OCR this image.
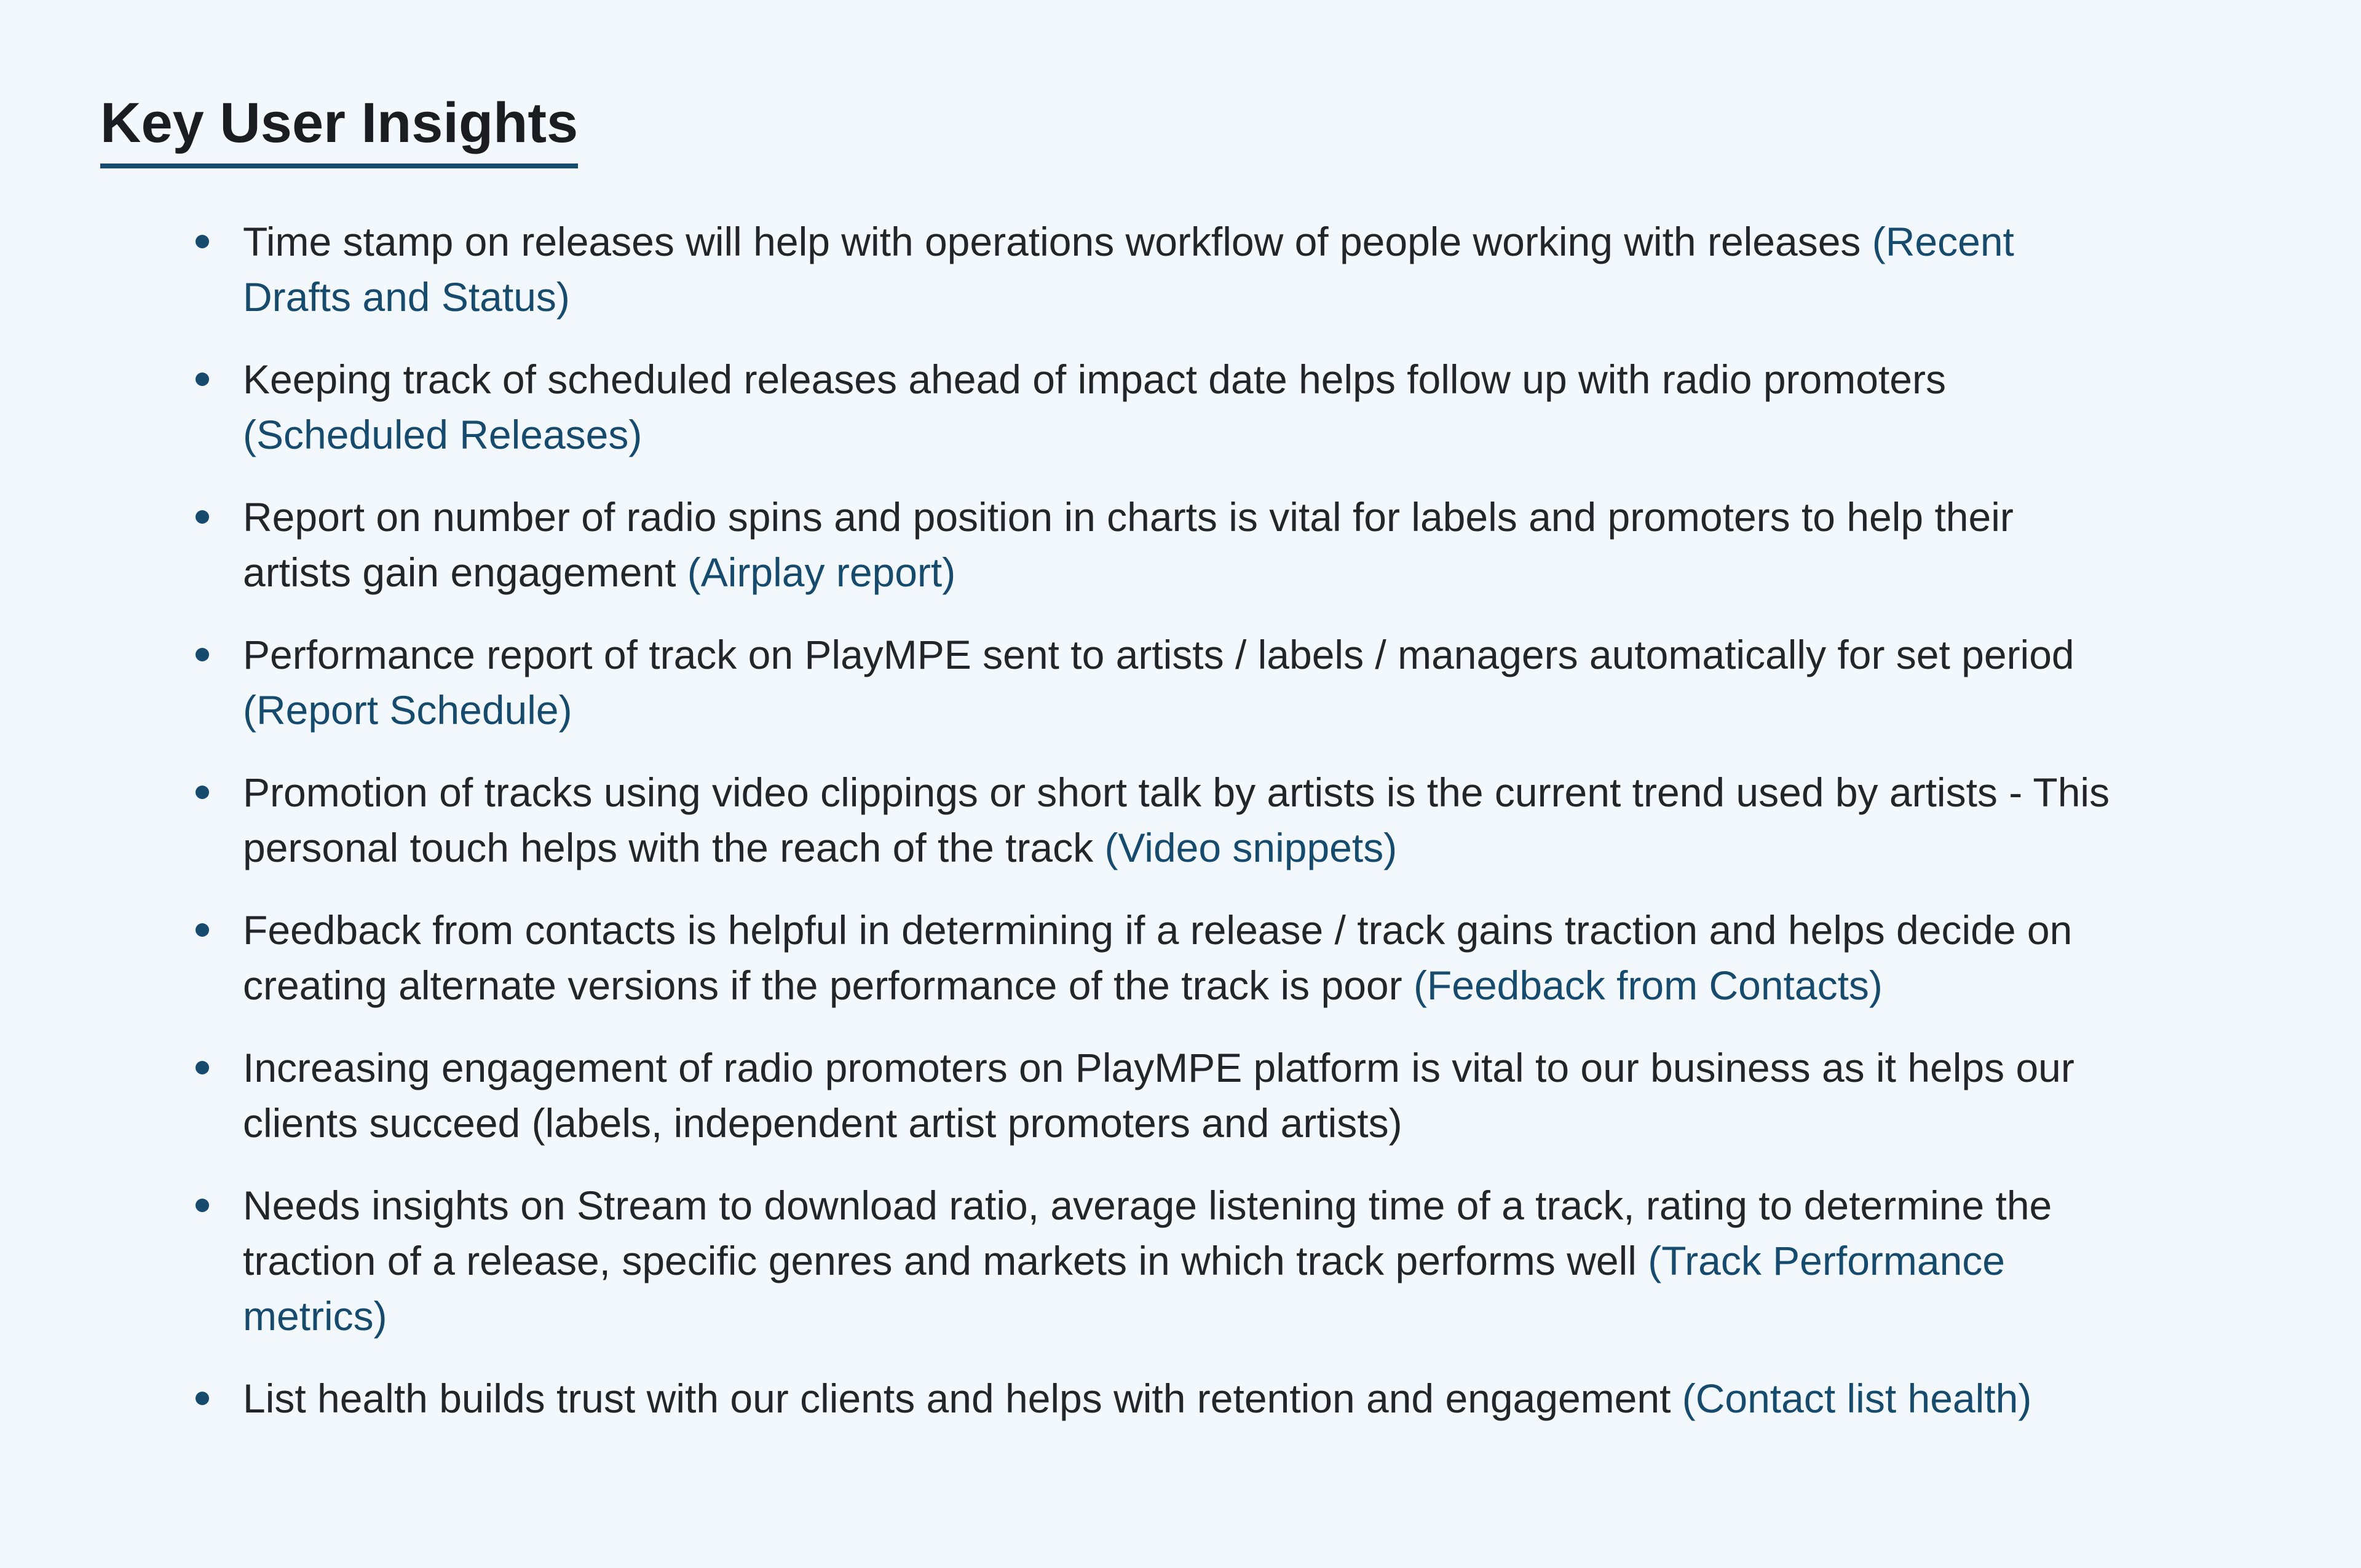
Key User Insights
Time stamp on releases will help with operations workflow of people working with releases (Recent Drafts and Status)
Keeping track of scheduled releases ahead of impact date helps follow up with radio promoters (Scheduled Releases)
Report on number of radio spins and position in charts is vital for labels and promoters to help their artists gain engagement (Airplay report)
Performance report of track on PlayMPE sent to artists / labels / managers automatically for set period (Report Schedule)
Promotion of tracks using video clippings or short talk by artists is the current trend used by artists - This personal touch helps with the reach of the track (Video snippets)
Feedback from contacts is helpful in determining if a release / track gains traction and helps decide on creating alternate versions if the performance of the track is poor (Feedback from Contacts)
Increasing engagement of radio promoters on PlayMPE platform is vital to our business as it helps our clients succeed (labels, independent artist promoters and artists)
Needs insights on Stream to download ratio, average listening time of a track, rating to determine the traction of a release, specific genres and markets in which track performs well (Track Performance metrics)
List health builds trust with our clients and helps with retention and engagement (Contact list health)
